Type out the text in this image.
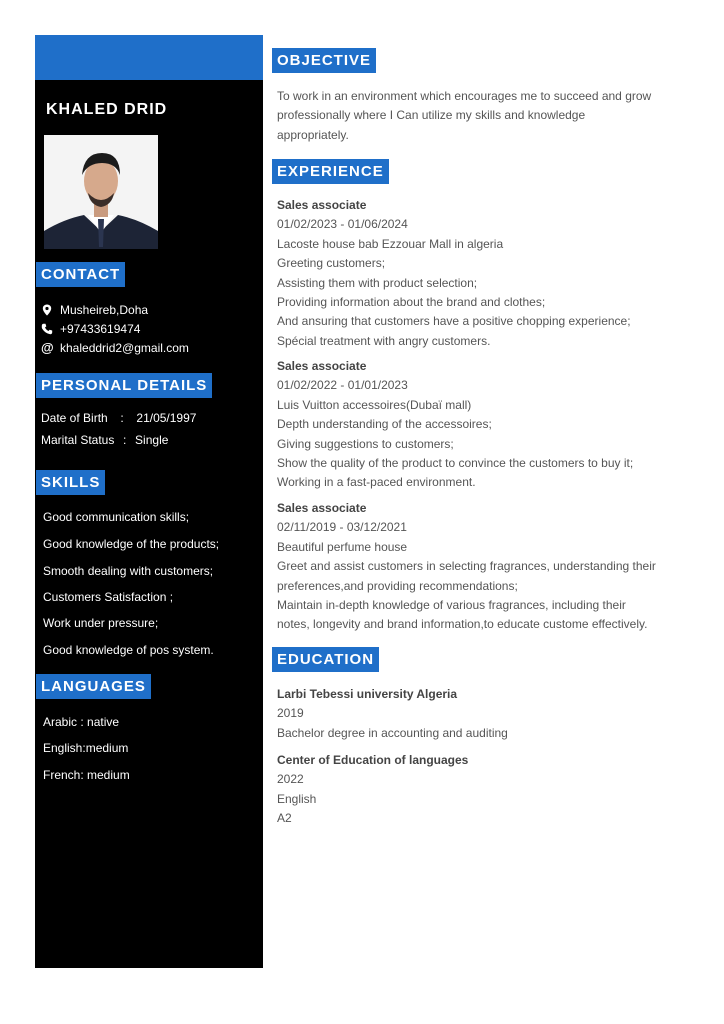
KHALED DRID
CONTACT
Musheireb,Doha
+97433619474
@ khaleddrid2@gmail.com
PERSONAL DETAILS
Date of Birth : 21/05/1997
Marital Status : Single
SKILLS
Good communication skills;
Good knowledge of the products;
Smooth dealing with customers;
Customers Satisfaction ;
Work under pressure;
Good knowledge of pos system.
LANGUAGES
Arabic : native
English:medium
French: medium
OBJECTIVE
To work in an environment which encourages me to succeed and grow
professionally where I Can utilize my skills and knowledge
appropriately.
EXPERIENCE
Sales associate
01/02/2023 - 01/06/2024
Lacoste house bab Ezzouar Mall in algeria
Greeting customers;
Assisting them with product selection;
Providing information about the brand and clothes;
And ansuring that customers have a positive chopping experience;
Spécial treatment with angry customers.
Sales associate
01/02/2022 - 01/01/2023
Luis Vuitton accessoires(Dubaï mall)
Depth understanding of the accessoires;
Giving suggestions to customers;
Show the quality of the product to convince the customers to buy it;
Working in a fast-paced environment.
Sales associate
02/11/2019 - 03/12/2021
Beautiful perfume house
Greet and assist customers in selecting fragrances, understanding their
preferences,and providing recommendations;
Maintain in-depth knowledge of various fragrances, including their
notes, longevity and brand information,to educate custome effectively.
EDUCATION
Larbi Tebessi university Algeria
2019
Bachelor degree in accounting and auditing
Center of Education of languages
2022
English
A2
